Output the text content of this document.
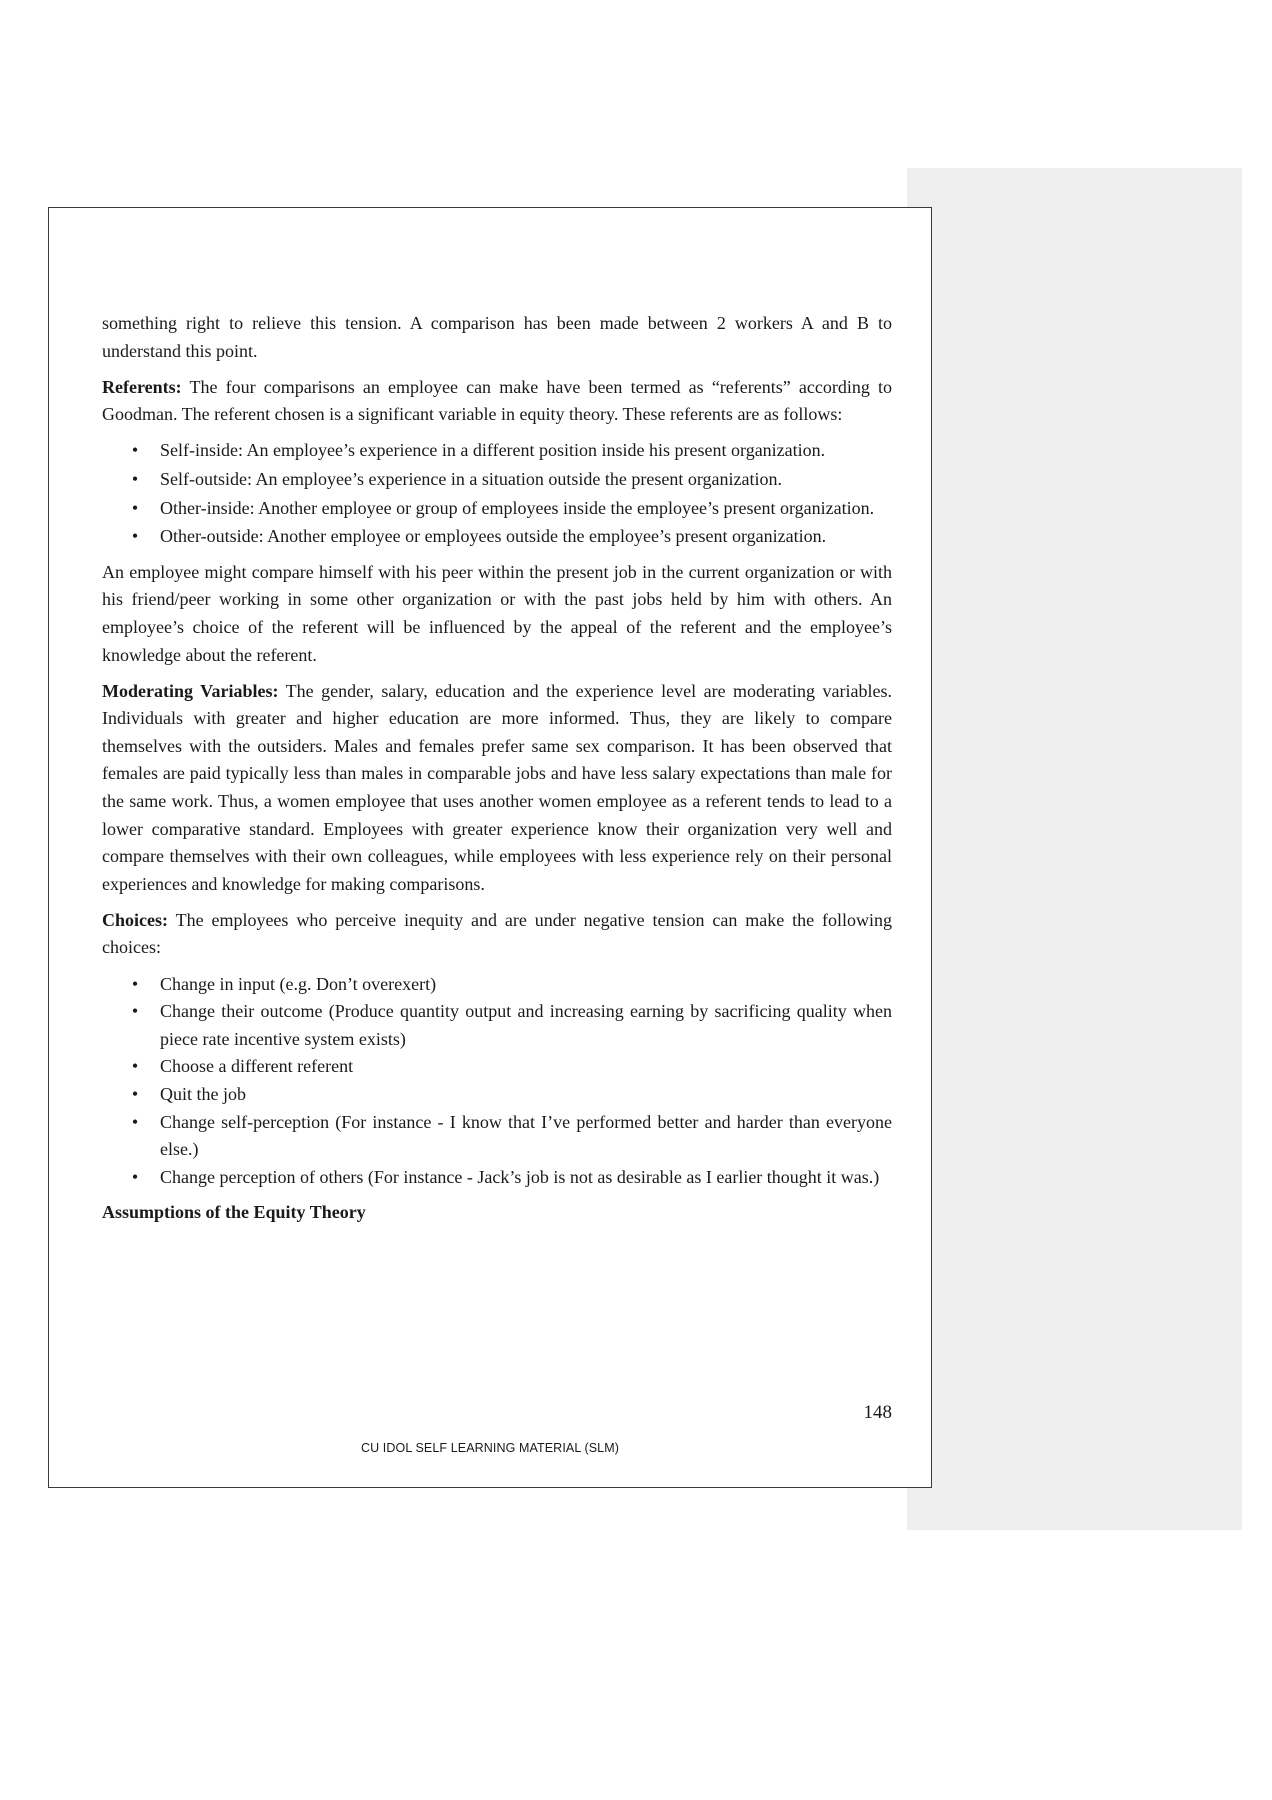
something right to relieve this tension. A comparison has been made between 2 workers A and B to understand this point.

Referents: The four comparisons an employee can make have been termed as “referents” according to Goodman. The referent chosen is a significant variable in equity theory. These referents are as follows:

• Self-inside: An employee’s experience in a different position inside his present organization.
• Self-outside: An employee’s experience in a situation outside the present organization.
• Other-inside: Another employee or group of employees inside the employee’s present organization.
• Other-outside: Another employee or employees outside the employee’s present organization.

An employee might compare himself with his peer within the present job in the current organization or with his friend/peer working in some other organization or with the past jobs held by him with others. An employee’s choice of the referent will be influenced by the appeal of the referent and the employee’s knowledge about the referent.

Moderating Variables: The gender, salary, education and the experience level are moderating variables. Individuals with greater and higher education are more informed. Thus, they are likely to compare themselves with the outsiders. Males and females prefer same sex comparison. It has been observed that females are paid typically less than males in comparable jobs and have less salary expectations than male for the same work. Thus, a women employee that uses another women employee as a referent tends to lead to a lower comparative standard. Employees with greater experience know their organization very well and compare themselves with their own colleagues, while employees with less experience rely on their personal experiences and knowledge for making comparisons.

Choices: The employees who perceive inequity and are under negative tension can make the following choices:

• Change in input (e.g. Don’t overexert)
• Change their outcome (Produce quantity output and increasing earning by sacrificing quality when piece rate incentive system exists)
• Choose a different referent
• Quit the job
• Change self-perception (For instance - I know that I’ve performed better and harder than everyone else.)
• Change perception of others (For instance - Jack’s job is not as desirable as I earlier thought it was.)
Assumptions of the Equity Theory
148
CU IDOL SELF LEARNING MATERIAL (SLM)
